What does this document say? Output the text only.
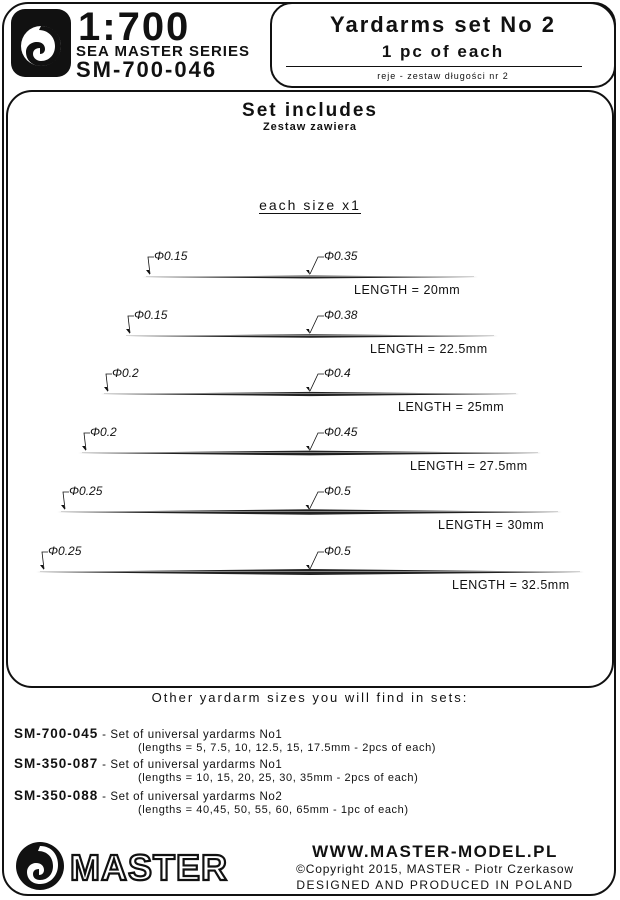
1:700
SEA MASTER SERIES
SM-700-046
Yardarms set No 2
1 pc of each
reje - zestaw długości nr 2
Set includes
Zestaw zawiera
each size x1
Φ0.15	Φ0.35
LENGTH = 20mm
Φ0.15	Φ0.38
LENGTH = 22.5mm
Φ0.2	Φ0.4
LENGTH = 25mm
Φ0.2	Φ0.45
LENGTH = 27.5mm
Φ0.25	Φ0.5
LENGTH = 30mm
Φ0.25	Φ0.5
LENGTH = 32.5mm
Other yardarm sizes you will find in sets:
SM-700-045 - Set of universal yardarms No1
(lengths = 5, 7.5, 10, 12.5, 15, 17.5mm - 2pcs of each)
SM-350-087 - Set of universal yardarms No1
(lengths = 10, 15, 20, 25, 30, 35mm - 2pcs of each)
SM-350-088 - Set of universal yardarms No2
(lengths = 40,45, 50, 55, 60, 65mm - 1pc of each)
MASTER	WWW.MASTER-MODEL.PL
©Copyright 2015, MASTER - Piotr Czerkasow
DESIGNED AND PRODUCED IN POLAND
